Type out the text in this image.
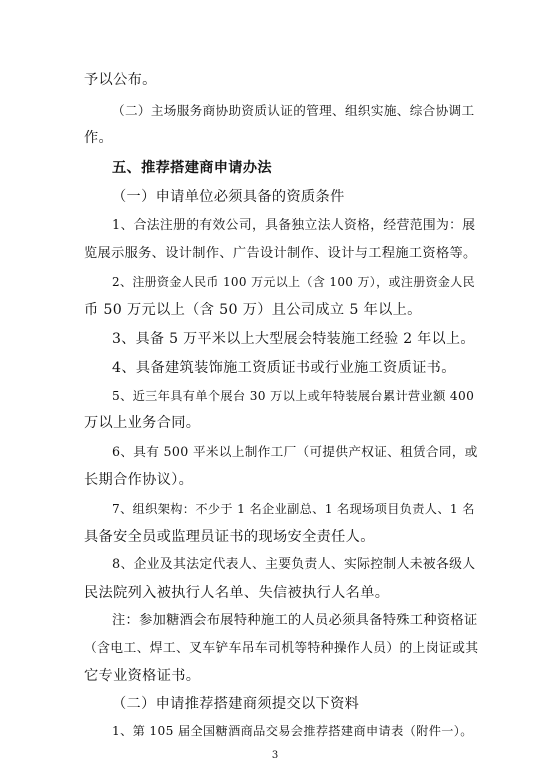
予以公布。
（二）主场服务商协助资质认证的管理、组织实施、综合协调工
作。
五、推荐搭建商申请办法
（一）申请单位必须具备的资质条件
1、合法注册的有效公司，具备独立法人资格，经营范围为：展
览展示服务、设计制作、广告设计制作、设计与工程施工资格等。
2、注册资金人民币 100 万元以上（含 100 万），或注册资金人民
币 50 万元以上（含 50 万）且公司成立 5 年以上。
3、具备 5 万平米以上大型展会特装施工经验 2 年以上。
4、具备建筑装饰施工资质证书或行业施工资质证书。
5、近三年具有单个展台 30 万以上或年特装展台累计营业额 400
万以上业务合同。
6、具有 500 平米以上制作工厂（可提供产权证、租赁合同，或
长期合作协议）。
7、组织架构：不少于 1 名企业副总、1 名现场项目负责人、1 名
具备安全员或监理员证书的现场安全责任人。
8、企业及其法定代表人、主要负责人、实际控制人未被各级人
民法院列入被执行人名单、失信被执行人名单。
注：参加糖酒会布展特种施工的人员必须具备特殊工种资格证
（含电工、焊工、叉车铲车吊车司机等特种操作人员）的上岗证或其
它专业资格证书。
（二）申请推荐搭建商须提交以下资料
1、第 105 届全国糖酒商品交易会推荐搭建商申请表（附件一）。
3
